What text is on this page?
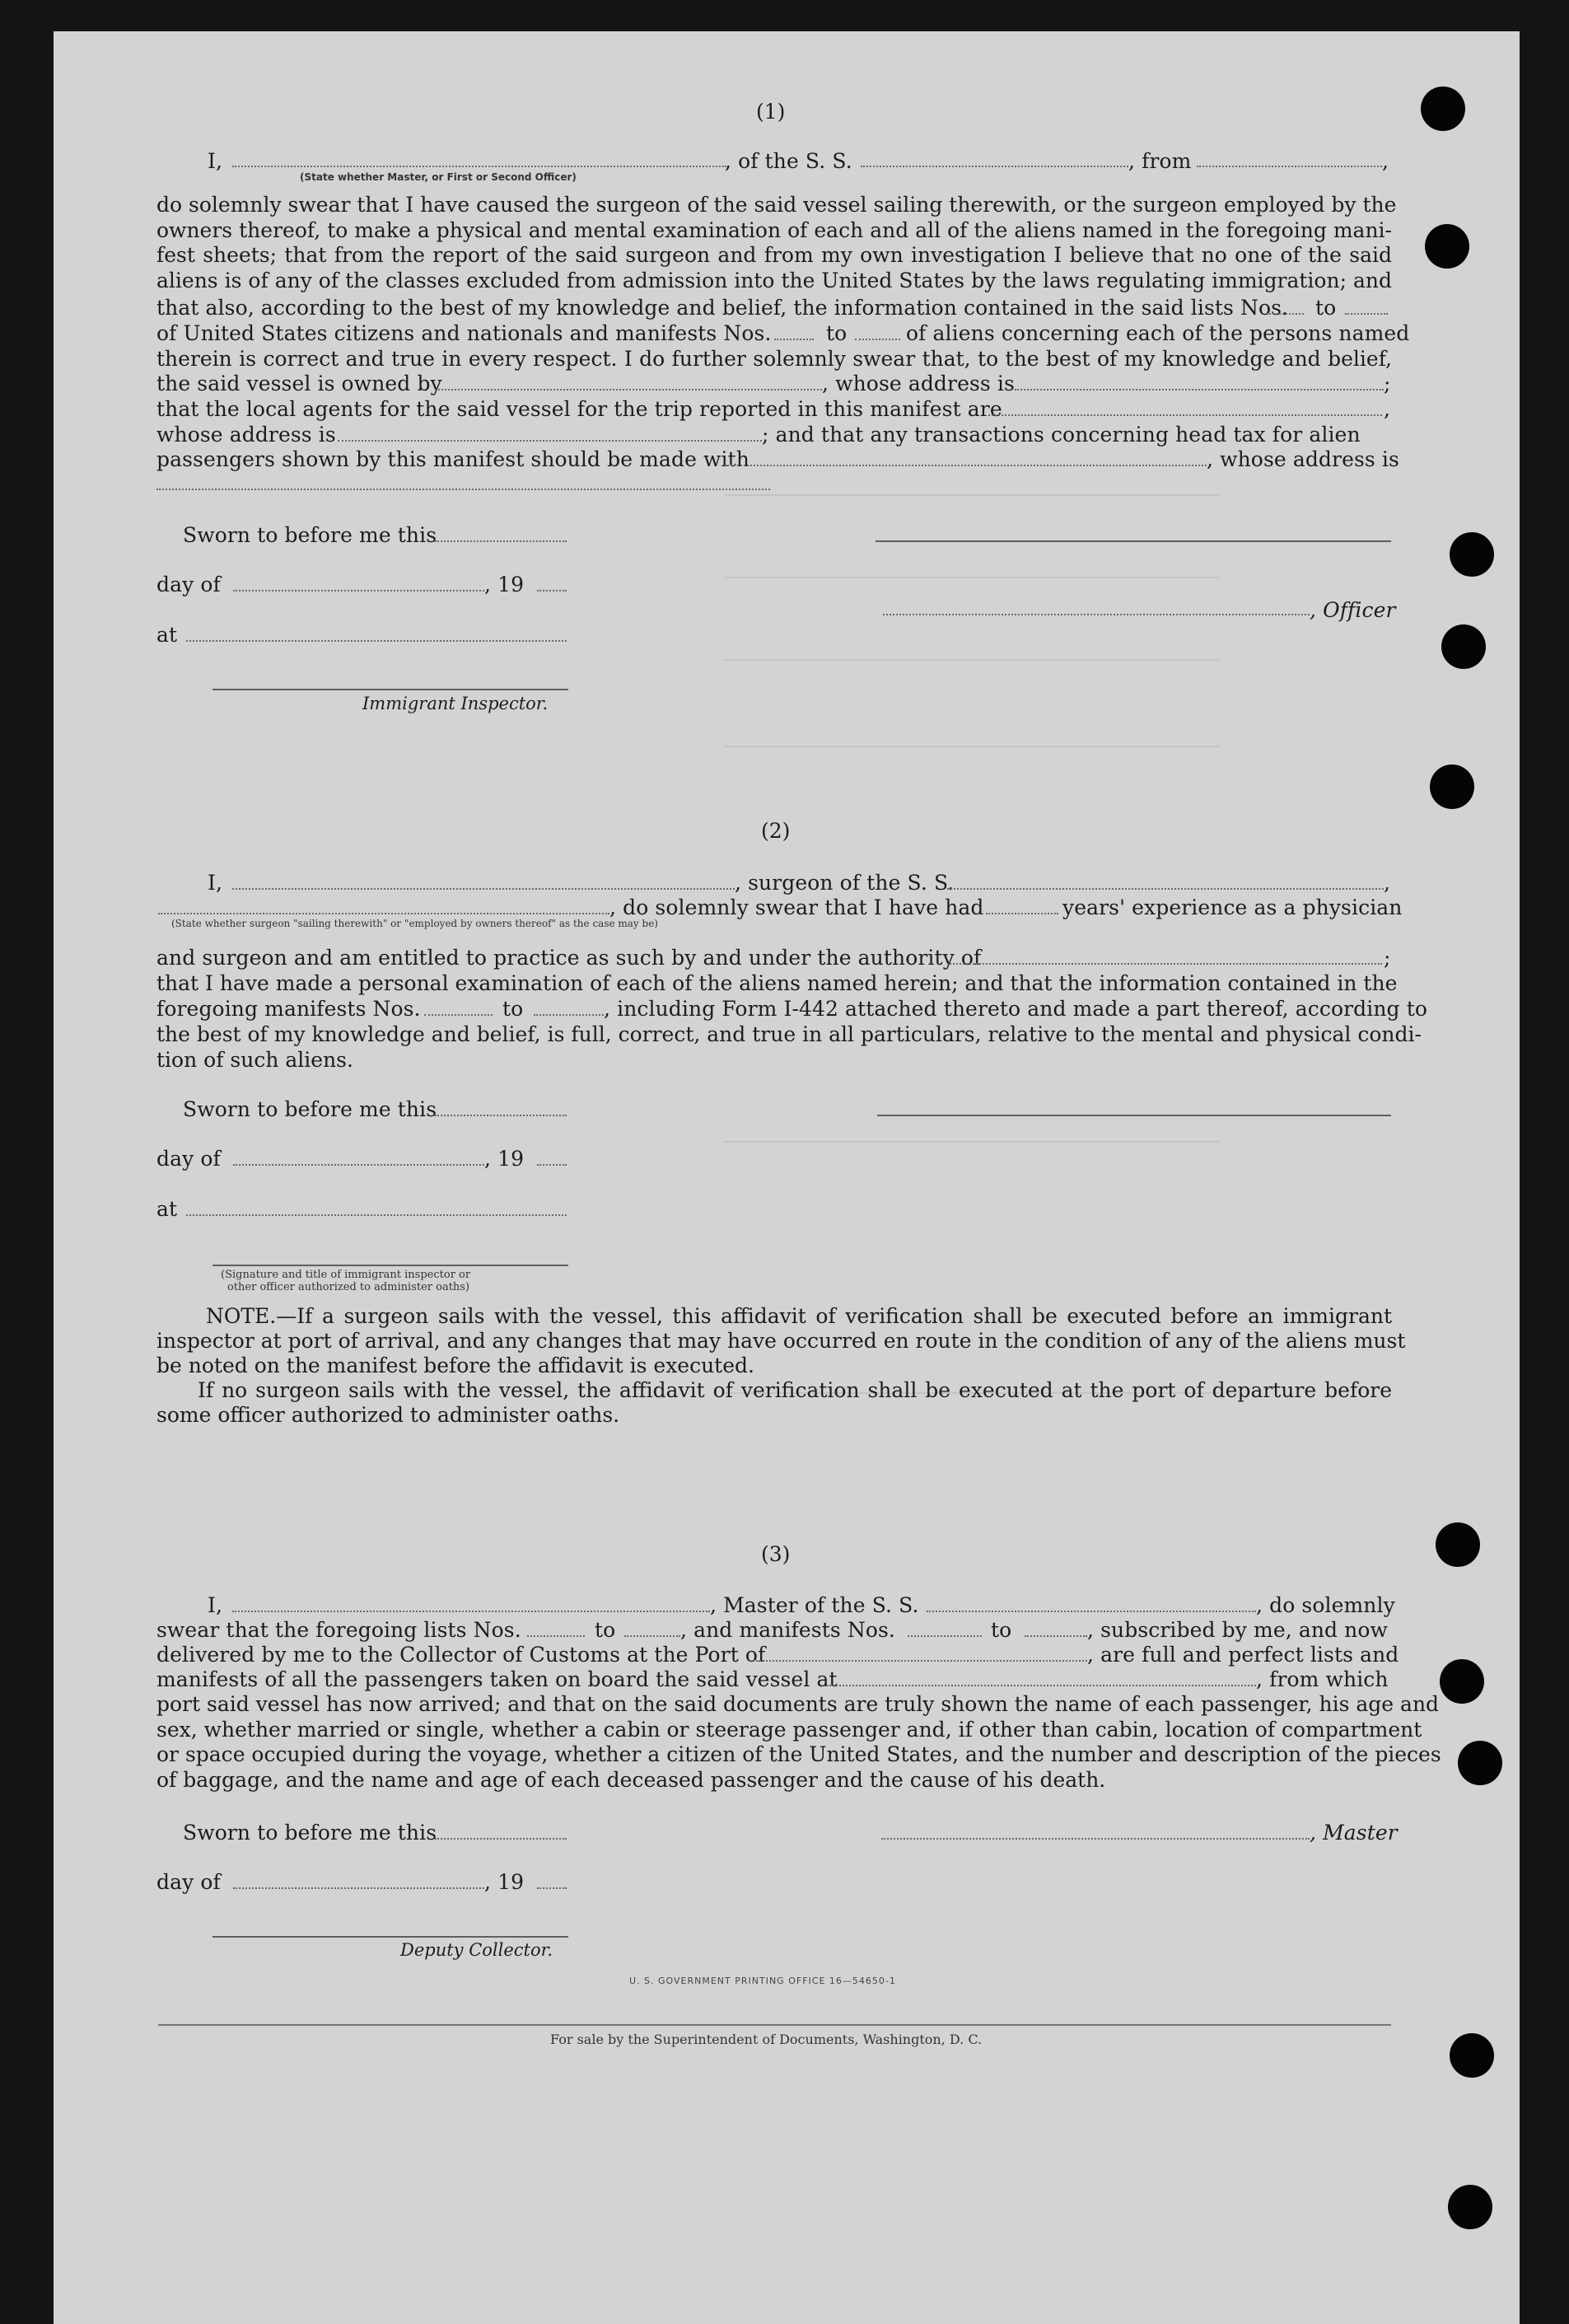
(1)
I,	, of the S. S.	, from	,
(State whether Master, or First or Second Officer)
do solemnly swear that I have caused the surgeon of the said vessel sailing therewith, or the surgeon employed by the
owners thereof, to make a physical and mental examination of each and all of the aliens named in the foregoing mani-
fest sheets; that from the report of the said surgeon and from my own investigation I believe that no one of the said
aliens is of any of the classes excluded from admission into the United States by the laws regulating immigration; and
that also, according to the best of my knowledge and belief, the information contained in the said lists Nos. to
of United States citizens and nationals and manifests Nos.	to	of aliens concerning each of the persons named
therein is correct and true in every respect. I do further solemnly swear that, to the best of my knowledge and belief,
the said vessel is owned by	, whose address is	;
that the local agents for the said vessel for the trip reported in this manifest are	,
whose address is	; and that any transactions concerning head tax for alien
passengers shown by this manifest should be made with	, whose address is
Sworn to before me this
day of	, 19
, Officer
at
Immigrant Inspector.
(2)
I,	, surgeon of the S. S.	,
, do solemnly swear that I have had	years' experience as a physician
(State whether surgeon "sailing therewith" or "employed by owners thereof" as the case may be)
and surgeon and am entitled to practice as such by and under the authority of	;
that I have made a personal examination of each of the aliens named herein; and that the information contained in the
foregoing manifests Nos.	to	, including Form I-442 attached thereto and made a part thereof, according to
the best of my knowledge and belief, is full, correct, and true in all particulars, relative to the mental and physical condi-
tion of such aliens.
Sworn to before me this
day of	, 19
at
(Signature and title of immigrant inspector or
other officer authorized to administer oaths)
NOTE.—If a surgeon sails with the vessel, this affidavit of verification shall be executed before an immigrant
inspector at port of arrival, and any changes that may have occurred en route in the condition of any of the aliens must
be noted on the manifest before the affidavit is executed.
If no surgeon sails with the vessel, the affidavit of verification shall be executed at the port of departure before
some officer authorized to administer oaths.
(3)
I,	, Master of the S. S.	, do solemnly
swear that the foregoing lists Nos.	to	, and manifests Nos.	to	, subscribed by me, and now
delivered by me to the Collector of Customs at the Port of	, are full and perfect lists and
manifests of all the passengers taken on board the said vessel at	, from which
port said vessel has now arrived; and that on the said documents are truly shown the name of each passenger, his age and
sex, whether married or single, whether a cabin or steerage passenger and, if other than cabin, location of compartment
or space occupied during the voyage, whether a citizen of the United States, and the number and description of the pieces
of baggage, and the name and age of each deceased passenger and the cause of his death.
Sworn to before me this	, Master
day of	, 19
Deputy Collector.
U. S. GOVERNMENT PRINTING OFFICE 16—54650-1
For sale by the Superintendent of Documents, Washington, D. C.
